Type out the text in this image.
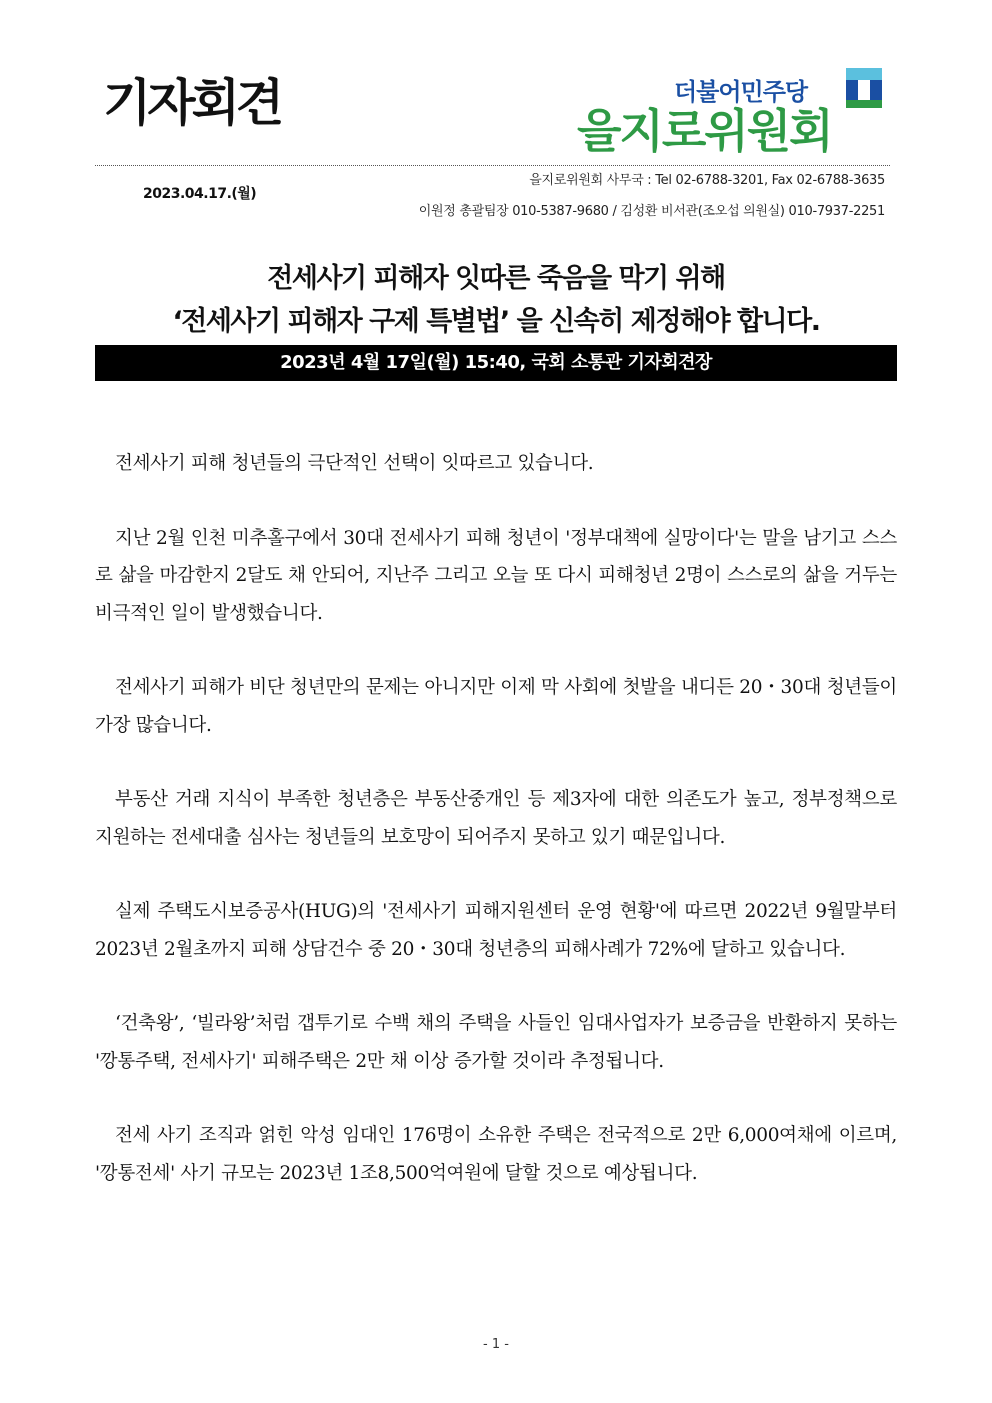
기자회견	더불어민주당
을지로위원회
2023.04.17.(월)
을지로위원회 사무국 : Tel 02-6788-3201, Fax 02-6788-3635
이원정 총괄팀장 010-5387-9680 / 김성환 비서관(조오섭 의원실) 010-7937-2251
전세사기 피해자 잇따른 죽음을 막기 위해
‘전세사기 피해자 구제 특별법’ 을 신속히 제정해야 합니다.
2023년 4월 17일(월) 15:40, 국회 소통관 기자회견장

전세사기 피해 청년들의 극단적인 선택이 잇따르고 있습니다.

지난 2월 인천 미추홀구에서 30대 전세사기 피해 청년이 '정부대책에 실망이다'는 말을 남기고 스스로 삶을 마감한지 2달도 채 안되어, 지난주 그리고 오늘 또 다시 피해청년 2명이 스스로의 삶을 거두는 비극적인 일이 발생했습니다.

전세사기 피해가 비단 청년만의 문제는 아니지만 이제 막 사회에 첫발을 내디든 20・30대 청년들이 가장 많습니다.

부동산 거래 지식이 부족한 청년층은 부동산중개인 등 제3자에 대한 의존도가 높고, 정부정책으로 지원하는 전세대출 심사는 청년들의 보호망이 되어주지 못하고 있기 때문입니다.

실제 주택도시보증공사(HUG)의 '전세사기 피해지원센터 운영 현황'에 따르면 2022년 9월말부터 2023년 2월초까지 피해 상담건수 중 20・30대 청년층의 피해사례가 72%에 달하고 있습니다.

‘건축왕’, ‘빌라왕’처럼 갭투기로 수백 채의 주택을 사들인 임대사업자가 보증금을 반환하지 못하는 '깡통주택, 전세사기' 피해주택은 2만 채 이상 증가할 것이라 추정됩니다.

전세 사기 조직과 얽힌 악성 임대인 176명이 소유한 주택은 전국적으로 2만 6,000여채에 이르며, '깡통전세' 사기 규모는 2023년 1조8,500억여원에 달할 것으로 예상됩니다.

- 1 -
